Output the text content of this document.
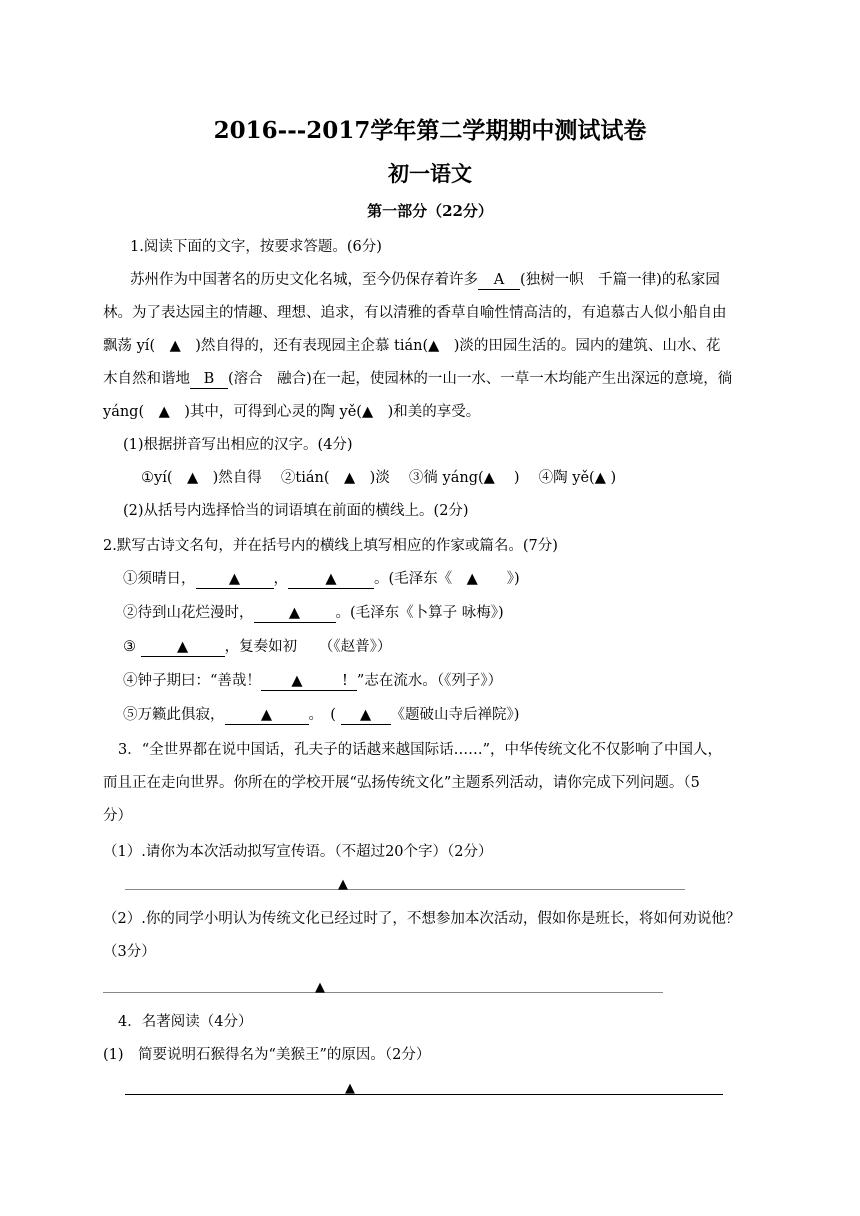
2016---2017学年第二学期期中测试试卷
初一语文
第一部分（22分）
1.阅读下面的文字，按要求答题。(6分)
苏州作为中国著名的历史文化名城，至今仍保存着许多 A (独树一帜　千篇一律)的私家园
林。为了表达园主的情趣、理想、追求，有以清雅的香草自喻性情高洁的，有追慕古人似小船自由
飘荡 yí(　▲　)然自得的，还有表现园主企慕 tián(▲　)淡的田园生活的。园内的建筑、山水、花
木自然和谐地 B (溶合　融合)在一起，使园林的一山一水、一草一木均能产生出深远的意境，徜
yáng(　▲　)其中，可得到心灵的陶 yě(▲　)和美的享受。
(1)根据拼音写出相应的汉字。(4分)
①yí(　▲　)然自得　 ②tián(　▲　)淡　 ③徜 yáng(▲　 )　 ④陶 yě(▲ )
(2)从括号内选择恰当的词语填在前面的横线上。(2分)
2.默写古诗文名句，并在括号内的横线上填写相应的作家或篇名。(7分)
①须晴日， ▲ ，	▲	。(毛泽东《　▲　　》)
②待到山花烂漫时， ▲ 。(毛泽东《卜算子 咏梅》)
③	▲	，复奏如初　　（《赵普》）
④钟子期曰：“善哉！ ▲	! ”志在流水。（《列子》）
⑤万籁此俱寂，	▲	。　( ▲ 《题破山寺后禅院》)
3．“全世界都在说中国话，孔夫子的话越来越国际话……”，中华传统文化不仅影响了中国人，
而且正在走向世界。你所在的学校开展“弘扬传统文化”主题系列活动，请你完成下列问题。（5
分）
（1）.请你为本次活动拟写宣传语。（不超过20个字）（2分）
▲
（2）.你的同学小明认为传统文化已经过时了，不想参加本次活动，假如你是班长，将如何劝说他？
（3分）
▲
4．名著阅读（4分）
(1)　简要说明石猴得名为“美猴王”的原因。（2分）
▲
